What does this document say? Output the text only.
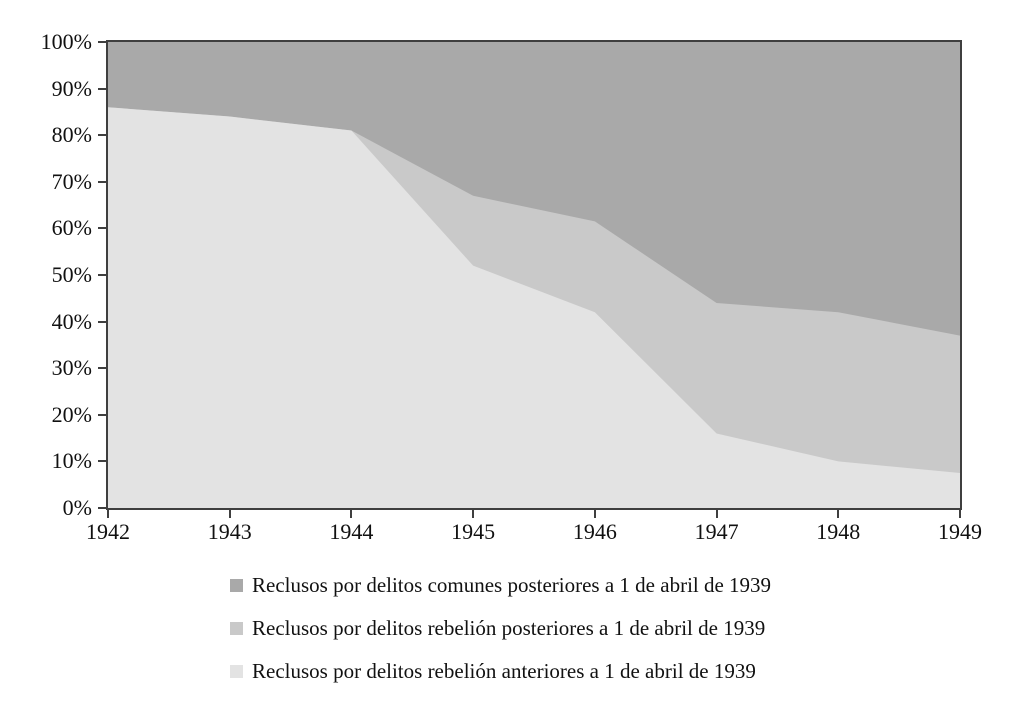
0%
10%
20%
30%
40%
50%
60%
70%
80%
90%
100%
1942	1943	1944	1945	1946	1947	1948	1949
Reclusos por delitos comunes posteriores a 1 de abril de 1939
Reclusos por delitos rebelión posteriores a 1 de abril de 1939
Reclusos por delitos rebelión anteriores a 1 de abril de 1939
